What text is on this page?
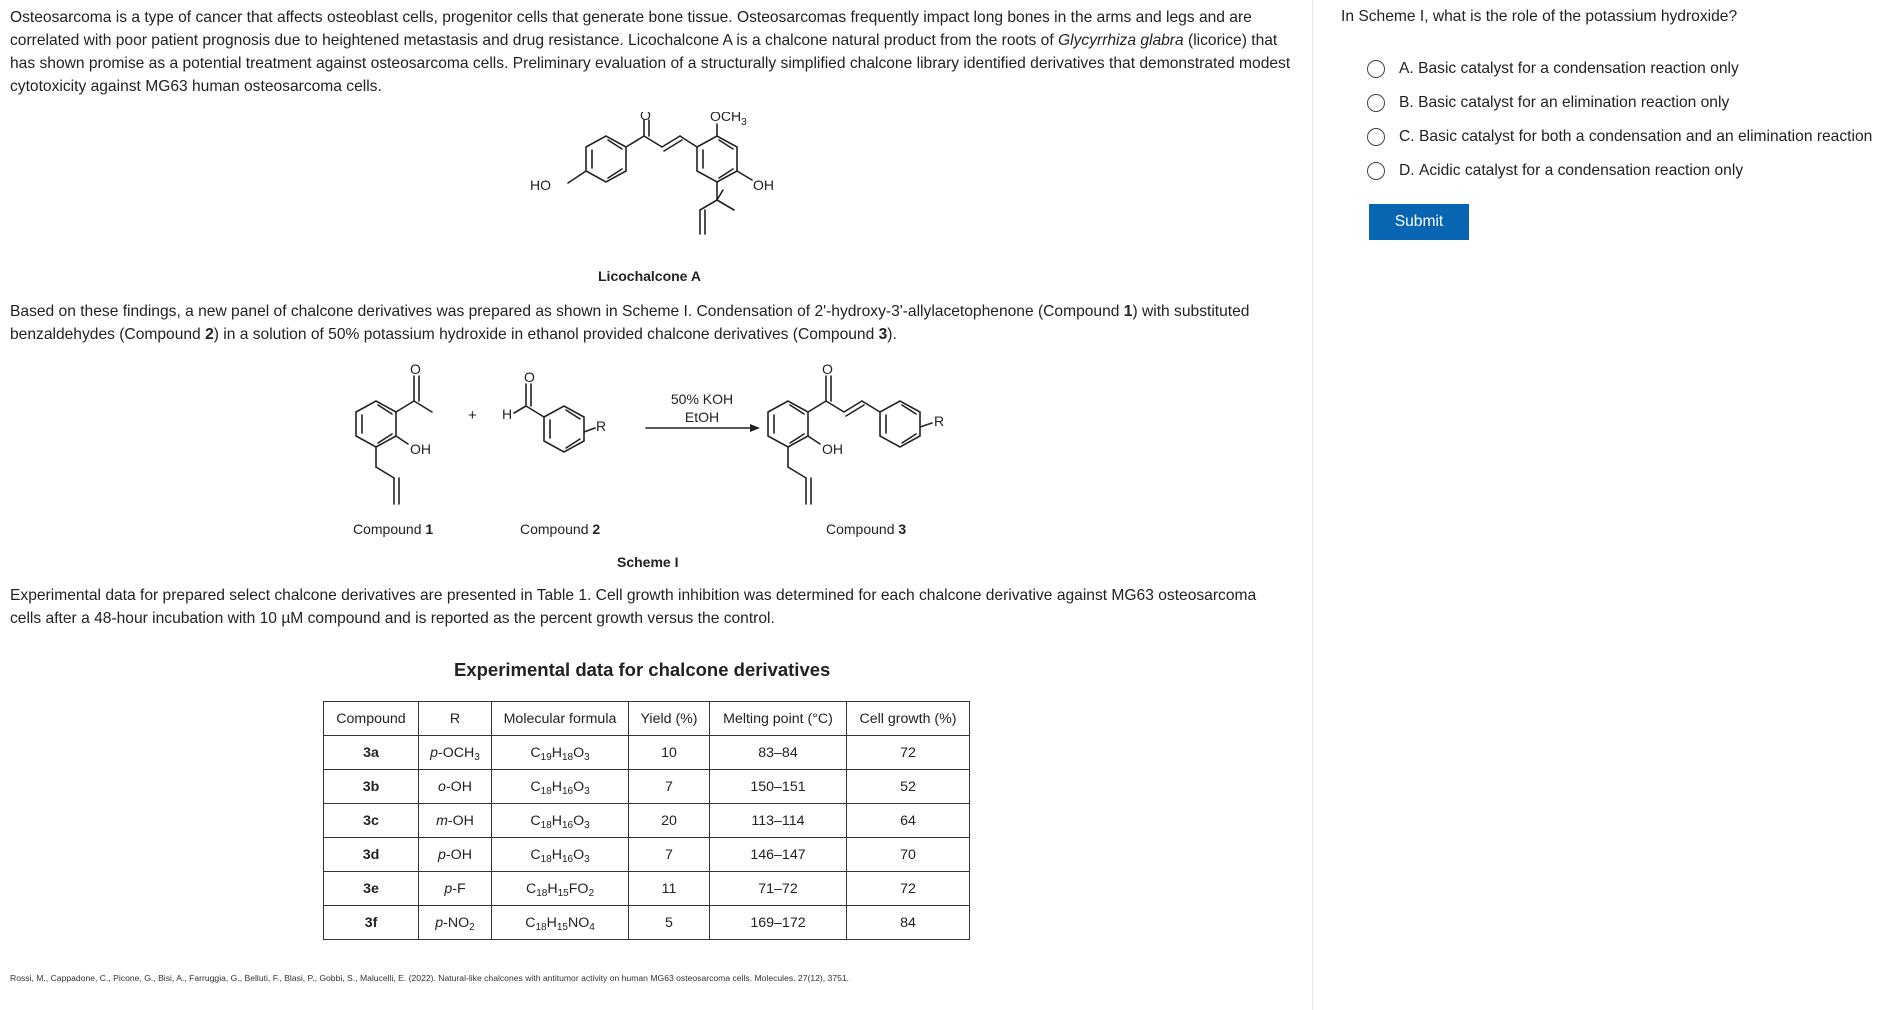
Osteosarcoma is a type of cancer that affects osteoblast cells, progenitor cells that generate bone tissue. Osteosarcomas frequently impact long bones in the arms and legs and are correlated with poor patient prognosis due to heightened metastasis and drug resistance. Licochalcone A is a chalcone natural product from the roots of Glycyrrhiza glabra (licorice) that has shown promise as a potential treatment against osteosarcoma cells. Preliminary evaluation of a structurally simplified chalcone library identified derivatives that demonstrated modest cytotoxicity against MG63 human osteosarcoma cells.

HO
O	$OCH_3$
OH
Licochalcone A

Based on these findings, a new panel of chalcone derivatives was prepared as shown in Scheme I. Condensation of 2'-hydroxy-3'-allylacetophenone (Compound 1) with substituted benzaldehydes (Compound 2) in a solution of 50% potassium hydroxide in ethanol provided chalcone derivatives (Compound 3).

O
OH
+
O
H
R
50% KOH
EtOH
O
OH
R
Compound 1	Compound 2	Compound 3
Scheme I

Experimental data for prepared select chalcone derivatives are presented in Table 1. Cell growth inhibition was determined for each chalcone derivative against MG63 osteosarcoma cells after a 48-hour incubation with 10 µM compound and is reported as the percent growth versus the control.

Experimental data for chalcone derivatives
Compound	R	Molecular formula	Yield (%)	Melting point (°C)	Cell growth (%)
3a	$p-OCH_3$	$C_{19}H_{18}O_3$	10	83–84	72
3b	o-OH	$C_{18}H_{16}O_3$	7	150–151	52
3c	m-OH	$C_{18}H_{16}O_3$	20	113–114	64
3d	p-OH	$C_{18}H_{16}O_3$	7	146–147	70
3e	p-F	$C_{18}H_{15}FO_2$	11	71–72	72
3f	$p-NO_2$	$C_{18}H_{15}NO_4$	5	169–172	84
Rossi, M., Cappadone, C., Picone, G., Bisi, A., Farruggia, G., Belluti, F., Blasi, P., Gobbi, S., Malucelli, E. (2022). Natural-like chalcones with antitumor activity on human MG63 osteosarcoma cells. Molecules. 27(12), 3751.
In Scheme I, what is the role of the potassium hydroxide?
A.
Basic catalyst for a condensation reaction only
B.
Basic catalyst for an elimination reaction only
C.
Basic catalyst for both a condensation and an elimination reaction
D.
Acidic catalyst for a condensation reaction only
Submit
